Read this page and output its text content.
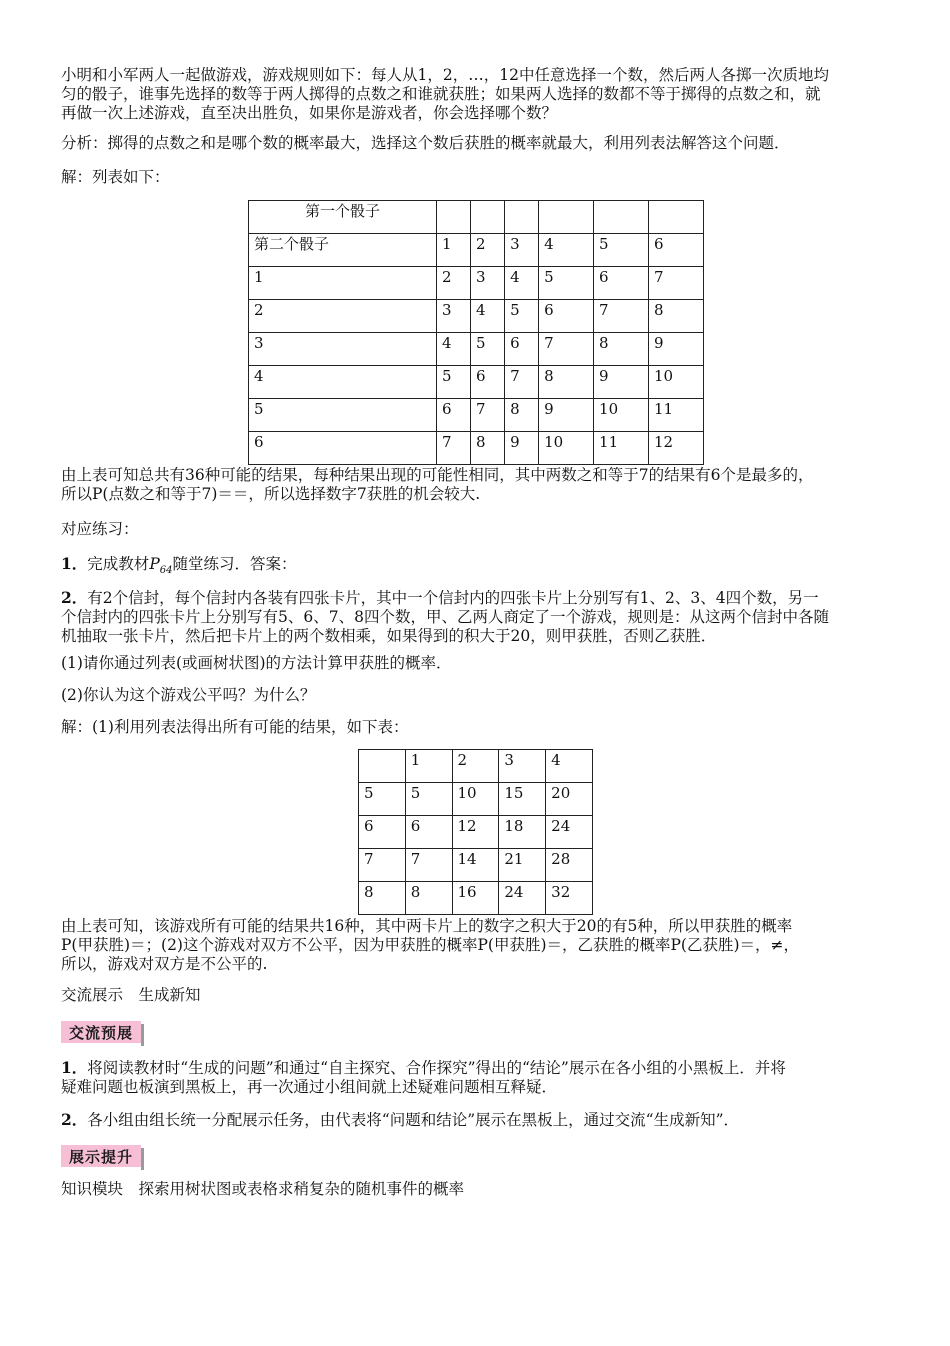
小明和小军两人一起做游戏，游戏规则如下：每人从1，2，…，12中任意选择一个数，然后两人各掷一次质地均
匀的骰子，谁事先选择的数等于两人掷得的点数之和谁就获胜；如果两人选择的数都不等于掷得的点数之和，就
再做一次上述游戏，直至决出胜负，如果你是游戏者，你会选择哪个数？

分析：掷得的点数之和是哪个数的概率最大，选择这个数后获胜的概率就最大，利用列表法解答这个问题．

解：列表如下：

第一个骰子						
第二个骰子	1	2	3	4	5	6
1	2	3	4	5	6	7
2	3	4	5	6	7	8
3	4	5	6	7	8	9
4	5	6	7	8	9	10
5	6	7	8	9	10	11
6	7	8	9	10	11	12

由上表可知总共有36种可能的结果，每种结果出现的可能性相同，其中两数之和等于7的结果有6个是最多的，
所以P(点数之和等于7)＝＝，所以选择数字7获胜的机会较大.

对应练习：

1．完成教材$P_{64}$随堂练习．答案：

2．有2个信封，每个信封内各装有四张卡片，其中一个信封内的四张卡片上分别写有1、2、3、4四个数，另一
个信封内的四张卡片上分别写有5、6、7、8四个数，甲、乙两人商定了一个游戏，规则是：从这两个信封中各随
机抽取一张卡片，然后把卡片上的两个数相乘，如果得到的积大于20，则甲获胜，否则乙获胜．

(1)请你通过列表(或画树状图)的方法计算甲获胜的概率．

(2)你认为这个游戏公平吗？为什么？

解：(1)利用列表法得出所有可能的结果，如下表：

	1	2	3	4
5	5	10	15	20
6	6	12	18	24
7	7	14	21	28
8	8	16	24	32

由上表可知，该游戏所有可能的结果共16种，其中两卡片上的数字之积大于20的有5种，所以甲获胜的概率
P(甲获胜)＝；(2)这个游戏对双方不公平，因为甲获胜的概率P(甲获胜)＝，乙获胜的概率P(乙获胜)＝，≠，
所以，游戏对双方是不公平的.

交流展示　生成新知

交流预展

1．将阅读教材时“生成的问题”和通过“自主探究、合作探究”得出的“结论”展示在各小组的小黑板上．并将
疑难问题也板演到黑板上，再一次通过小组间就上述疑难问题相互释疑．

2．各小组由组长统一分配展示任务，由代表将“问题和结论”展示在黑板上，通过交流“生成新知”．

展示提升

知识模块　探索用树状图或表格求稍复杂的随机事件的概率
